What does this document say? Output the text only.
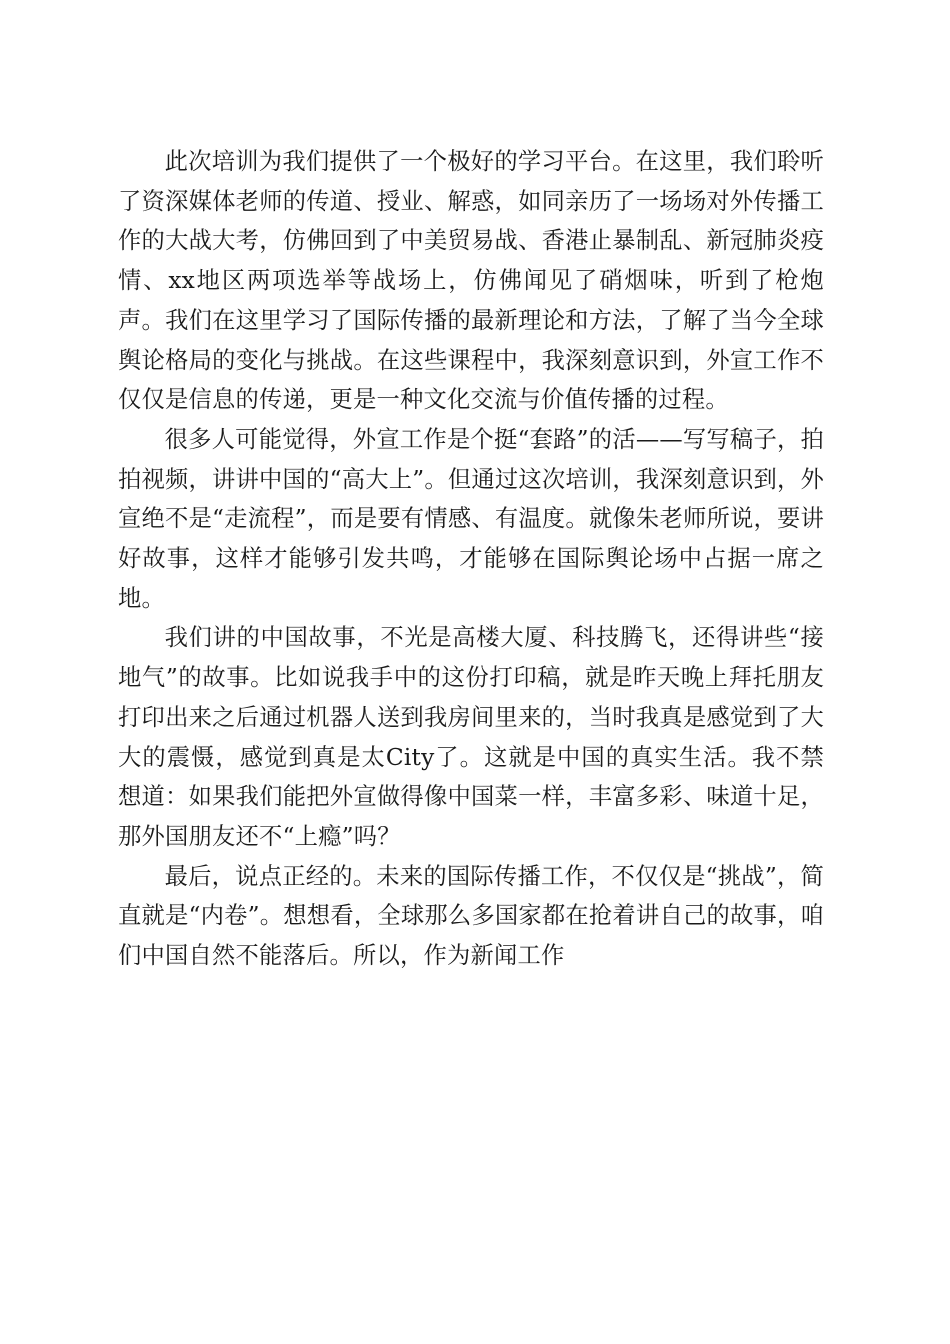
此次培训为我们提供了一个极好的学习平台。在这里，我们聆听了资深媒体老师的传道、授业、解惑，如同亲历了一场场对外传播工作的大战大考，仿佛回到了中美贸易战、香港止暴制乱、新冠肺炎疫情、xx地区两项选举等战场上，仿佛闻见了硝烟味，听到了枪炮声。我们在这里学习了国际传播的最新理论和方法，了解了当今全球舆论格局的变化与挑战。在这些课程中，我深刻意识到，外宣工作不仅仅是信息的传递，更是一种文化交流与价值传播的过程。

很多人可能觉得，外宣工作是个挺“套路”的活——写写稿子，拍拍视频，讲讲中国的“高大上”。但通过这次培训，我深刻意识到，外宣绝不是“走流程”，而是要有情感、有温度。就像朱老师所说，要讲好故事，这样才能够引发共鸣，才能够在国际舆论场中占据一席之地。

我们讲的中国故事，不光是高楼大厦、科技腾飞，还得讲些“接地气”的故事。比如说我手中的这份打印稿，就是昨天晚上拜托朋友打印出来之后通过机器人送到我房间里来的，当时我真是感觉到了大大的震慑，感觉到真是太City了。这就是中国的真实生活。我不禁想道：如果我们能把外宣做得像中国菜一样，丰富多彩、味道十足，那外国朋友还不“上瘾”吗？

最后，说点正经的。未来的国际传播工作，不仅仅是“挑战”，简直就是“内卷”。想想看，全球那么多国家都在抢着讲自己的故事，咱们中国自然不能落后。所以，作为新闻工作
